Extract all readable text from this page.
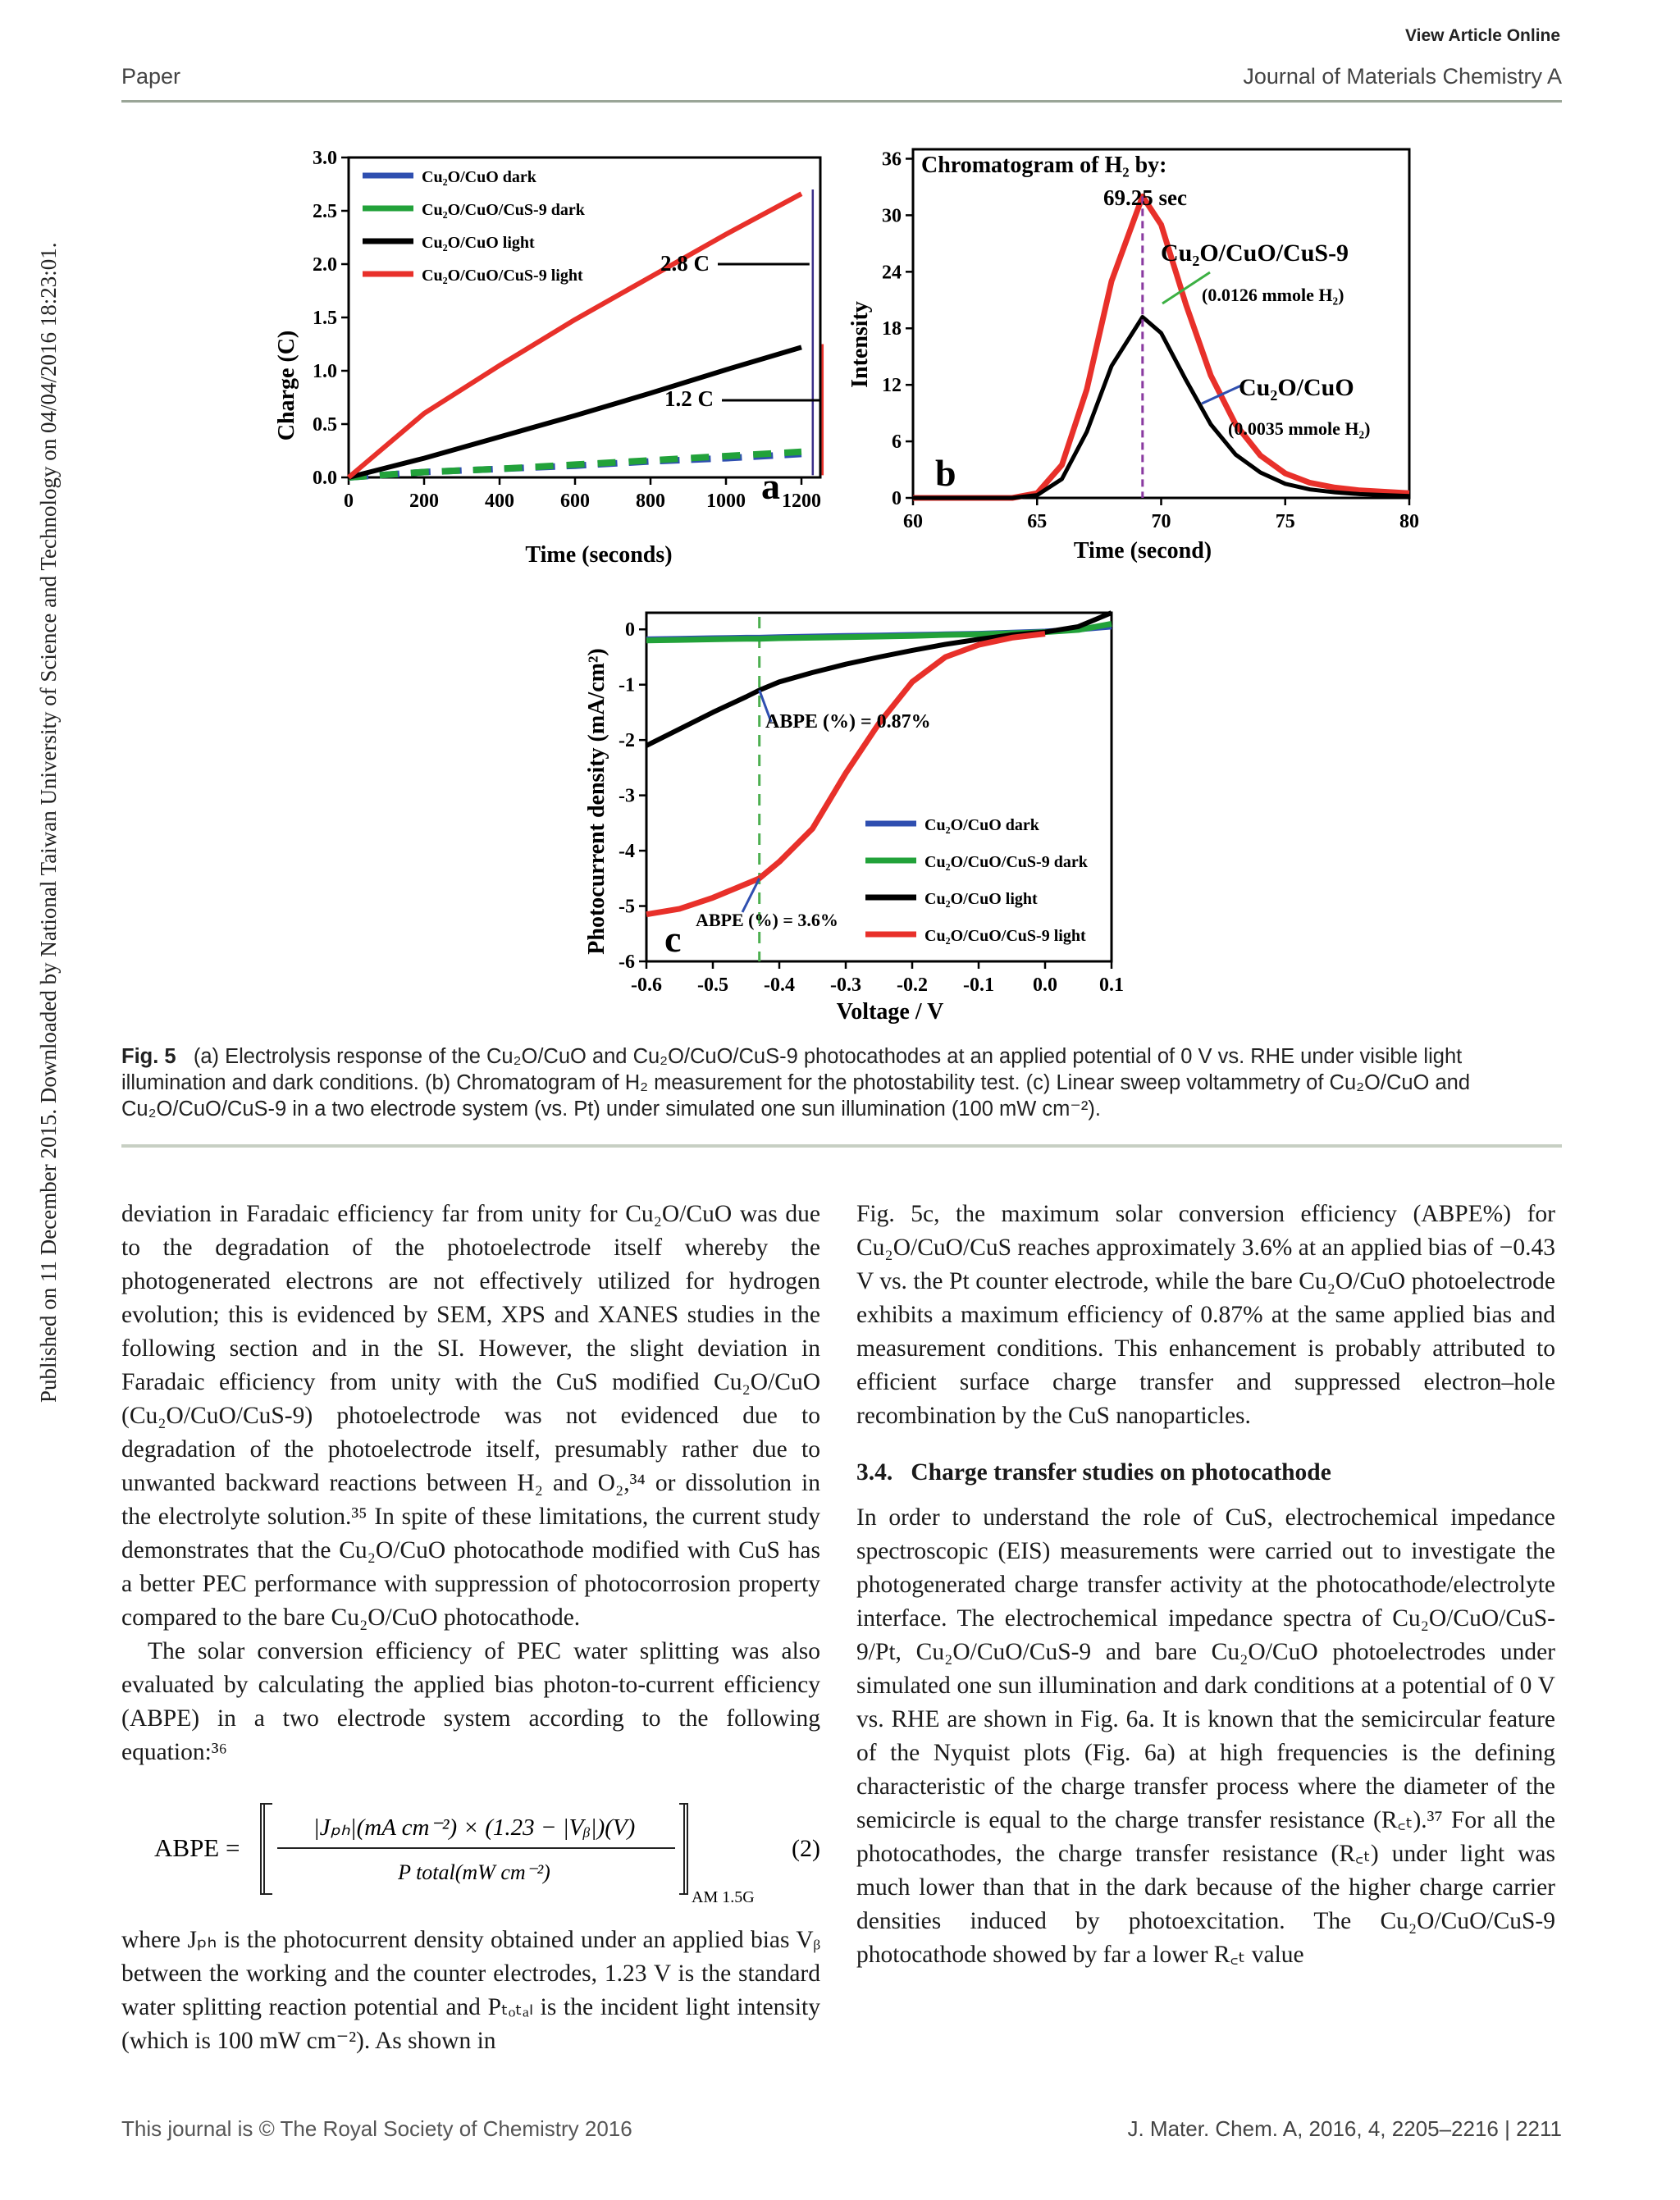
View Article Online
Paper	Journal of Materials Chemistry A
Published on 11 December 2015. Downloaded by National Taiwan University of Science and Technology on 04/04/2016 18:23:01.	0	200 400 600 800 1000 1200
0.0
0.5
1.0
1.5
2.0
2.5
3.0
Cu₂O/CuO dark
Cu₂O/CuO/CuS-9 dark
Cu₂O/CuO light
Cu₂O/CuO/CuS-9 light
Charge (C)
Time (seconds)
a
2.8 C
1.2 C
60	65	70	75	80
0
6
12
18
24
30
36
Intensity
Time (second)
Chromatogram of H₂ by:
69.25 sec
Cu₂O/CuO/CuS-9
(0.0126 mmole H₂)
Cu₂O/CuO
(0.0035 mmole H₂)
b
-0.6 -0.5 -0.4 -0.3 -0.2 -0.1 0.0 0.1
0
-1
-2
-3
-4
-5
-6
Cu₂O/CuO dark
Cu₂O/CuO/CuS-9 dark
Cu₂O/CuO light
Cu₂O/CuO/CuS-9 light
Photocurrent density (mA/cm²)
Voltage / V
c
ABPE (%) = 0.87%
ABPE (%) = 3.6%
Fig. 5 (a) Electrolysis response of the Cu₂O/CuO and Cu₂O/CuO/CuS-9 photocathodes at an applied potential of 0 V vs. RHE under visible light illumination and dark conditions. (b) Chromatogram of H₂ measurement for the photostability test. (c) Linear sweep voltammetry of Cu₂O/CuO and Cu₂O/CuO/CuS-9 in a two electrode system (vs. Pt) under simulated one sun illumination (100 mW cm⁻²).

deviation in Faradaic efficiency far from unity for Cu₂O/CuO was due to the degradation of the photoelectrode itself whereby the photogenerated electrons are not effectively utilized for hydrogen evolution; this is evidenced by SEM, XPS and XANES studies in the following section and in the SI. However, the slight deviation in Faradaic efficiency from unity with the CuS modified Cu₂O/CuO (Cu₂O/CuO/CuS-9) photoelectrode was not evidenced due to degradation of the photoelectrode itself, presumably rather due to unwanted backward reactions between H₂ and O₂,³⁴ or dissolution in the electrolyte solution.³⁵ In spite of these limitations, the current study demonstrates that the Cu₂O/CuO photocathode modified with CuS has a better PEC performance with suppression of photocorrosion property compared to the bare Cu₂O/CuO photocathode.

The solar conversion efficiency of PEC water splitting was also evaluated by calculating the applied bias photon-to-current efficiency (ABPE) in a two electrode system according to the following equation:³⁶

ABPE =
|Jₚₕ|(mA cm⁻²) × (1.23 − |Vᵦ|)(V)
P total(mW cm⁻²)
AM 1.5G
(2)

where Jₚₕ is the photocurrent density obtained under an applied bias Vᵦ between the working and the counter electrodes, 1.23 V is the standard water splitting reaction potential and Pₜₒₜₐₗ is the incident light intensity (which is 100 mW cm⁻²). As shown in

Fig. 5c, the maximum solar conversion efficiency (ABPE%) for Cu₂O/CuO/CuS reaches approximately 3.6% at an applied bias of −0.43 V vs. the Pt counter electrode, while the bare Cu₂O/CuO photoelectrode exhibits a maximum efficiency of 0.87% at the same applied bias and measurement conditions. This enhancement is probably attributed to efficient surface charge transfer and suppressed electron–hole recombination by the CuS nanoparticles.

3.4. Charge transfer studies on photocathode

In order to understand the role of CuS, electrochemical impedance spectroscopic (EIS) measurements were carried out to investigate the photogenerated charge transfer activity at the photocathode/electrolyte interface. The electrochemical impedance spectra of Cu₂O/CuO/CuS-9/Pt, Cu₂O/CuO/CuS-9 and bare Cu₂O/CuO photoelectrodes under simulated one sun illumination and dark conditions at a potential of 0 V vs. RHE are shown in Fig. 6a. It is known that the semicircular feature of the Nyquist plots (Fig. 6a) at high frequencies is the defining characteristic of the charge transfer process where the diameter of the semicircle is equal to the charge transfer resistance (R꜀ₜ).³⁷ For all the photocathodes, the charge transfer resistance (R꜀ₜ) under light was much lower than that in the dark because of the higher charge carrier densities induced by photoexcitation. The Cu₂O/CuO/CuS-9 photocathode showed by far a lower R꜀ₜ value

This journal is © The Royal Society of Chemistry 2016	J. Mater. Chem. A, 2016, 4, 2205–2216 | 2211
